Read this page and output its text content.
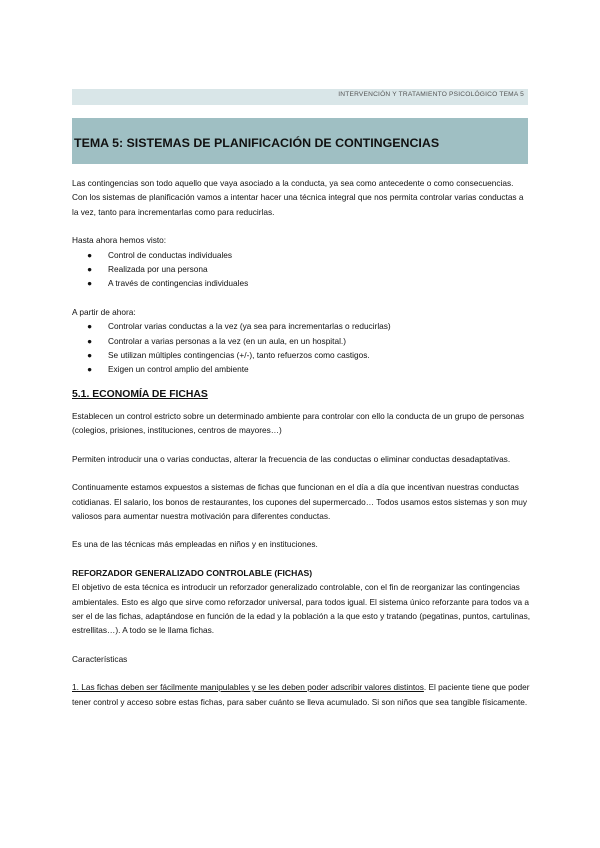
INTERVENCIÓN Y TRATAMIENTO PSICOLÓGICO TEMA 5
TEMA 5: SISTEMAS DE PLANIFICACIÓN DE CONTINGENCIAS

Las contingencias son todo aquello que vaya asociado a la conducta, ya sea como antecedente o como consecuencias.

Con los sistemas de planificación vamos a intentar hacer una técnica integral que nos permita controlar varias conductas a la vez, tanto para incrementarlas como para reducirlas.

Hasta ahora hemos visto:

● Control de conductas individuales
● Realizada por una persona
● A través de contingencias individuales

A partir de ahora:

● Controlar varias conductas a la vez (ya sea para incrementarlas o reducirlas)
● Controlar a varias personas a la vez (en un aula, en un hospital.)
● Se utilizan múltiples contingencias (+/-), tanto refuerzos como castigos.
● Exigen un control amplio del ambiente
5.1. ECONOMÍA DE FICHAS

Establecen un control estricto sobre un determinado ambiente para controlar con ello la conducta de un grupo de personas (colegios, prisiones, instituciones, centros de mayores…)

Permiten introducir una o varias conductas, alterar la frecuencia de las conductas o eliminar conductas desadaptativas.

Continuamente estamos expuestos a sistemas de fichas que funcionan en el día a día que incentivan nuestras conductas cotidianas. El salario, los bonos de restaurantes, los cupones del supermercado… Todos usamos estos sistemas y son muy valiosos para aumentar nuestra motivación para diferentes conductas.

Es una de las técnicas más empleadas en niños y en instituciones.

REFORZADOR GENERALIZADO CONTROLABLE (FICHAS)

El objetivo de esta técnica es introducir un reforzador generalizado controlable, con el fin de reorganizar las contingencias ambientales. Esto es algo que sirve como reforzador universal, para todos igual. El sistema único reforzante para todos va a ser el de las fichas, adaptándose en función de la edad y la población a la que esto y tratando (pegatinas, puntos, cartulinas, estrellitas…). A todo se le llama fichas.

Características

1. Las fichas deben ser fácilmente manipulables y se les deben poder adscribir valores distintos. El paciente tiene que poder tener control y acceso sobre estas fichas, para saber cuánto se lleva acumulado. Si son niños que sea tangible físicamente.
